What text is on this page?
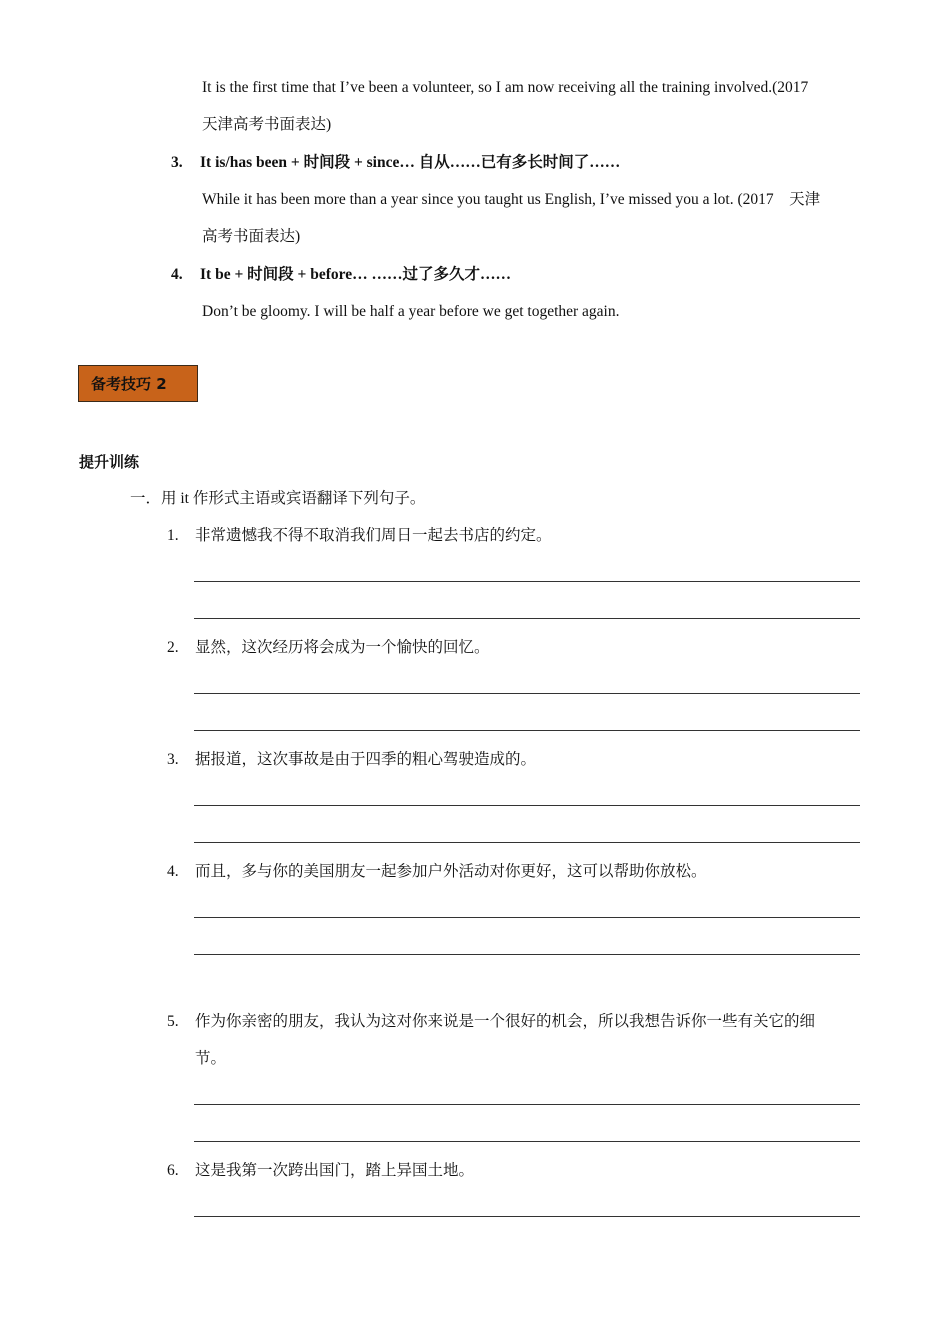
It is the first time that I’ve been a volunteer, so I am now receiving all the training involved.(2017
天津高考书面表达)
3. It is/has been + 时间段 + since… 自从……已有多长时间了……
While it has been more than a year since you taught us English, I’ve missed you a lot. (2017　天津
高考书面表达)
4. It be + 时间段 + before… ……过了多久才……
Don’t be gloomy. I will be half a year before we get together again.
备考技巧 2
提升训练
一．用 it 作形式主语或宾语翻译下列句子。
1. 非常遗憾我不得不取消我们周日一起去书店的约定。
2. 显然，这次经历将会成为一个愉快的回忆。
3. 据报道，这次事故是由于四季的粗心驾驶造成的。
4. 而且，多与你的美国朋友一起参加户外活动对你更好，这可以帮助你放松。
5. 作为你亲密的朋友，我认为这对你来说是一个很好的机会，所以我想告诉你一些有关它的细
节。
6. 这是我第一次跨出国门，踏上异国土地。
